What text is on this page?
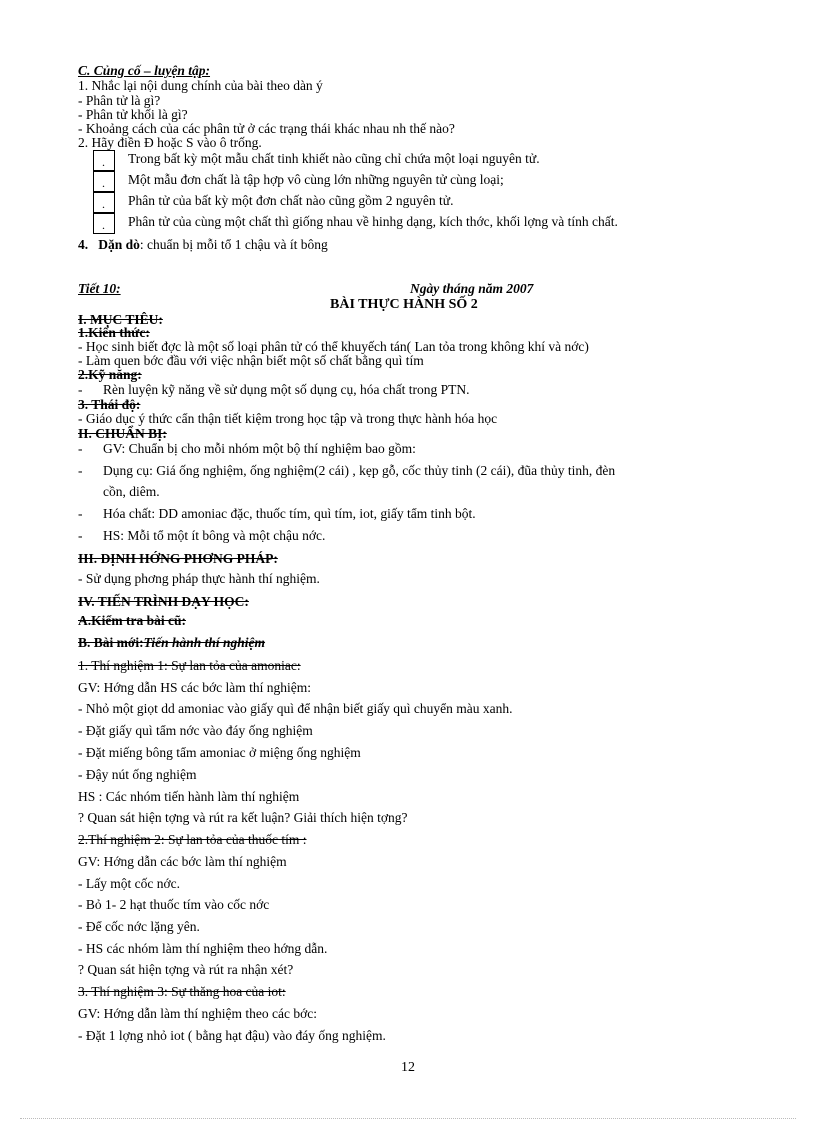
C. Củng cố – luyện tập:
1. Nhắc lại nội dung chính của bài theo dàn ý
- Phân tử là gì?
- Phân tử khối là gì?
- Khoảng cách của các phân tử ở các trạng thái khác nhau nh thế nào?
2. Hãy điền Đ hoặc S vào ô trống.
.
.
.
.
Trong bất kỳ một mẫu chất tinh khiết nào cũng chỉ chứa một loại nguyên tử.
Một mẫu đơn chất là tập hợp vô cùng lớn những nguyên tử cùng loại;
Phân tử của bất kỳ một đơn chất nào cũng gồm 2 nguyên tử.
Phân tử của cùng một chất thì giống nhau về hinhg dạng, kích thớc, khối lợng và tính chất.
4. Dặn dò: chuẩn bị mỗi tổ 1 chậu và ít bông
Tiết 10:	Ngày tháng năm 2007
BÀI THỰC HÀNH SỐ 2
I. MỤC TIÊU:
1.Kiến thức:
- Học sinh biết đợc là một số loại phân tử có thể khuyếch tán( Lan tỏa trong không khí và nớc)
- Làm quen bớc đầu với việc nhận biết một số chất bằng quì tím
2.Kỹ năng:
- Rèn luyện kỹ năng về sử dụng một số dụng cụ, hóa chất trong PTN.
3. Thái độ:
- Giáo dục ý thức cẩn thận tiết kiệm trong học tập và trong thực hành hóa học
II. CHUẨN BỊ:
- GV: Chuẩn bị cho mỗi nhóm một bộ thí nghiệm bao gồm:
- Dụng cụ: Giá ống nghiệm, ống nghiệm(2 cái) , kẹp gỗ, cốc thủy tinh (2 cái), đũa thủy tinh, đèn
cồn, diêm.
- Hóa chất: DD amoniac đặc, thuốc tím, quì tím, iot, giấy tẩm tinh bột.
- HS: Mỗi tổ một ít bông và một chậu nớc.
III. ĐỊNH HỚNG PHƠNG PHÁP:
- Sử dụng phơng pháp thực hành thí nghiệm.
IV. TIẾN TRÌNH DẠY HỌC:
A.Kiểm tra bài cũ:
B. Bài mới:Tiến hành thí nghiệm
1. Thí nghiệm 1: Sự lan tỏa của amoniac:
GV: Hớng dẫn HS các bớc làm thí nghiệm:
- Nhỏ một giọt dd amoniac vào giấy quì để nhận biết giấy quì chuyển màu xanh.
- Đặt giấy quì tẩm nớc vào đáy ống nghiệm
- Đặt miếng bông tẩm amoniac ở miệng ống nghiệm
- Đậy nút ống nghiệm
HS : Các nhóm tiến hành làm thí nghiệm
? Quan sát hiện tợng và rút ra kết luận? Giải thích hiện tợng?
2.Thí nghiệm 2: Sự lan tỏa của thuốc tím :
GV: Hớng dẫn các bớc làm thí nghiệm
- Lấy một cốc nớc.
- Bỏ 1- 2 hạt thuốc tím vào cốc nớc
- Để cốc nớc lặng yên.
- HS các nhóm làm thí nghiệm theo hớng dẫn.
? Quan sát hiện tợng và rút ra nhận xét?
3. Thí nghiệm 3: Sự thăng hoa của iot:
GV: Hớng dẫn làm thí nghiệm theo các bớc:
- Đặt 1 lợng nhỏ iot ( bằng hạt đậu) vào đáy ống nghiệm.
12
